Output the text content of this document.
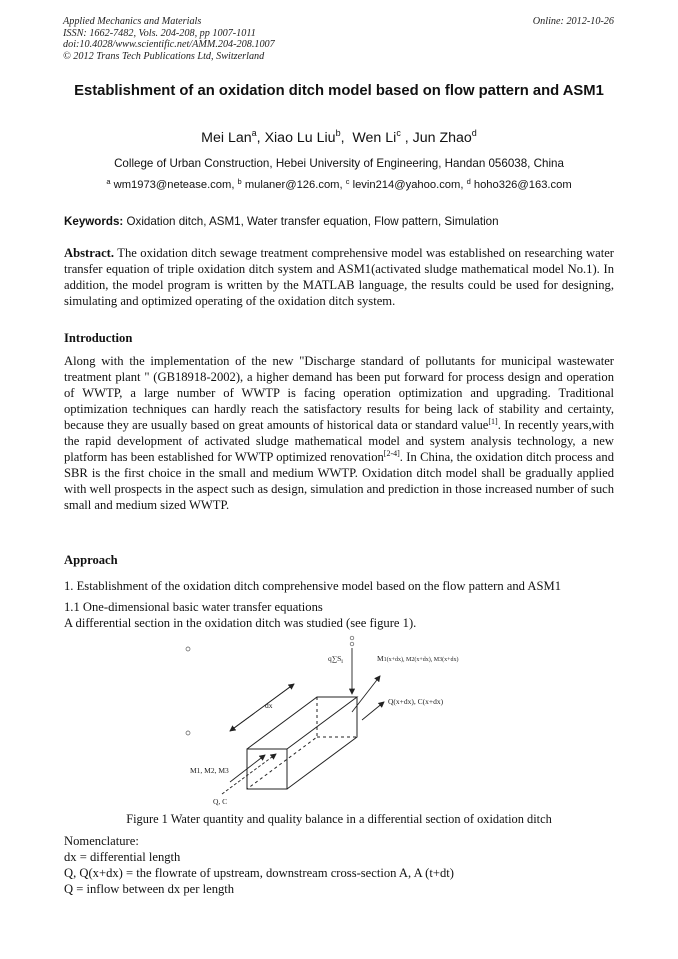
Applied Mechanics and Materials
ISSN: 1662-7482, Vols. 204-208, pp 1007-1011
doi:10.4028/www.scientific.net/AMM.204-208.1007
© 2012 Trans Tech Publications Ltd, Switzerland
Online: 2012-10-26
Establishment of an oxidation ditch model based on flow pattern and ASM1
Mei Lan$^a$, Xiao Lu Liu$^b$,  Wen Li$^c$ , Jun Zhao$^d$
College of Urban Construction, Hebei University of Engineering, Handan 056038, China
$^a$ wm1973@netease.com, $^b$ mulaner@126.com, $^c$ levin214@yahoo.com, $^d$ hoho326@163.com
Keywords: Oxidation ditch, ASM1, Water transfer equation, Flow pattern, Simulation
Abstract. The oxidation ditch sewage treatment comprehensive model was established on researching water transfer equation of triple oxidation ditch system and ASM1(activated sludge mathematical model No.1). In addition, the model program is written by the MATLAB language, the results could be used for designing, simulating and optimized operating of the oxidation ditch system.
Introduction
Along with the implementation of the new "Discharge standard of pollutants for municipal wastewater treatment plant " (GB18918-2002), a higher demand has been put forward for process design and operation of WWTP, a large number of WWTP is facing operation optimization and upgrading. Traditional optimization techniques can hardly reach the satisfactory results for being lack of stability and certainty, because they are usually based on great amounts of historical data or standard value[1]. In recently years,with the rapid development of activated sludge mathematical model and system analysis technology, a new platform has been established for WWTP optimized renovation[2-4]. In China, the oxidation ditch process and SBR is the first choice in the small and medium WWTP. Oxidation ditch model shall be gradually applied with well prospects in the aspect such as design, simulation and prediction in those increased number of such small and medium sized WWTP.
Approach
1. Establishment of the oxidation ditch comprehensive model based on the flow pattern and ASM1
1.1 One-dimensional basic water transfer equations
A differential section in the oxidation ditch was studied (see figure 1).
$q\sum S_i$	M1(x+dx), M2(x+dx), M3(x+dx)
Q(x+dx), C(x+dx)
dx
M1, M2, M3
Q, C
Figure 1 Water quantity and quality balance in a differential section of oxidation ditch
Nomenclature:
dx = differential length
Q, Q(x+dx) = the flowrate of upstream, downstream cross-section A, A (t+dt)
Q = inflow between dx per length
